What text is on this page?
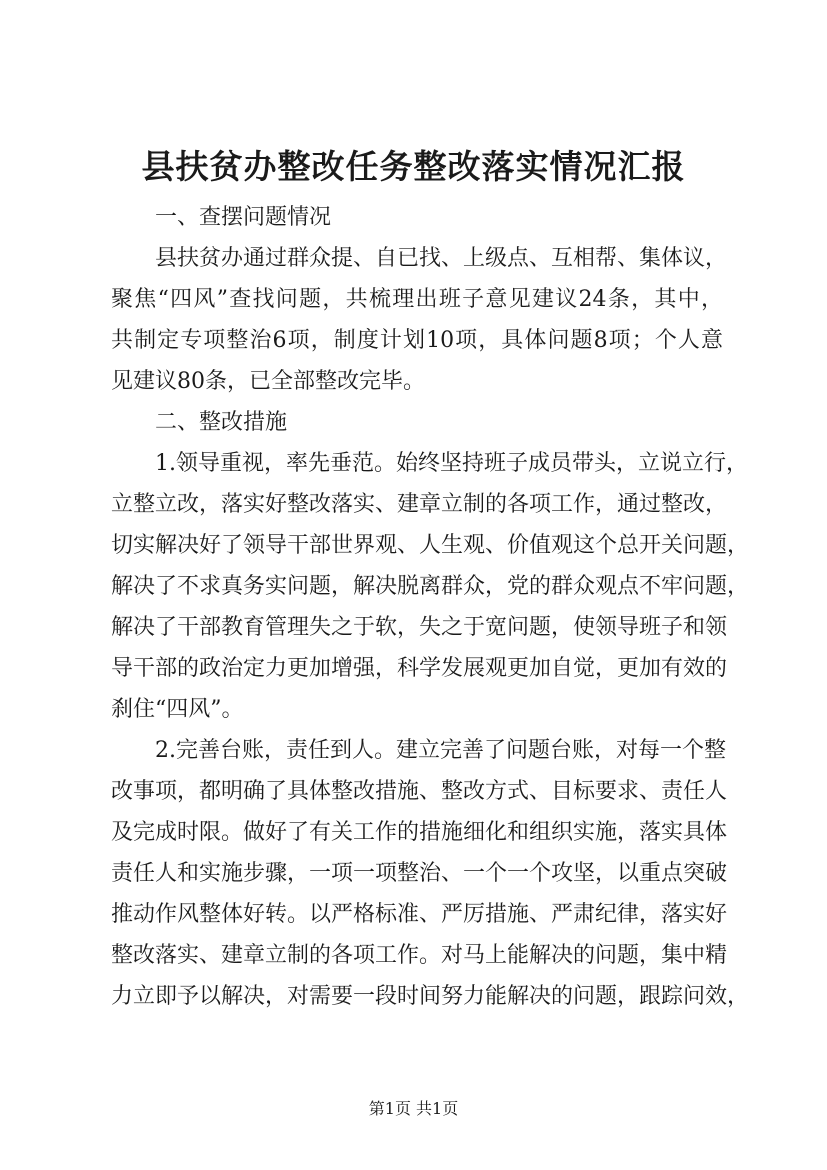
县扶贫办整改任务整改落实情况汇报
一、查摆问题情况
县扶贫办通过群众提、自已找、上级点、互相帮、集体议，
聚焦“四风”查找问题，共梳理出班子意见建议24条，其中，
共制定专项整治6项，制度计划10项，具体问题8项；个人意
见建议80条，已全部整改完毕。
二、整改措施
1.领导重视，率先垂范。始终坚持班子成员带头，立说立行，
立整立改，落实好整改落实、建章立制的各项工作，通过整改，
切实解决好了领导干部世界观、人生观、价值观这个总开关问题，
解决了不求真务实问题，解决脱离群众，党的群众观点不牢问题，
解决了干部教育管理失之于软，失之于宽问题，使领导班子和领
导干部的政治定力更加增强，科学发展观更加自觉，更加有效的
刹住“四风”。
2.完善台账，责任到人。建立完善了问题台账，对每一个整
改事项，都明确了具体整改措施、整改方式、目标要求、责任人
及完成时限。做好了有关工作的措施细化和组织实施，落实具体
责任人和实施步骤，一项一项整治、一个一个攻坚，以重点突破
推动作风整体好转。以严格标准、严厉措施、严肃纪律，落实好
整改落实、建章立制的各项工作。对马上能解决的问题，集中精
力立即予以解决，对需要一段时间努力能解决的问题，跟踪问效，
第1页 共1页
